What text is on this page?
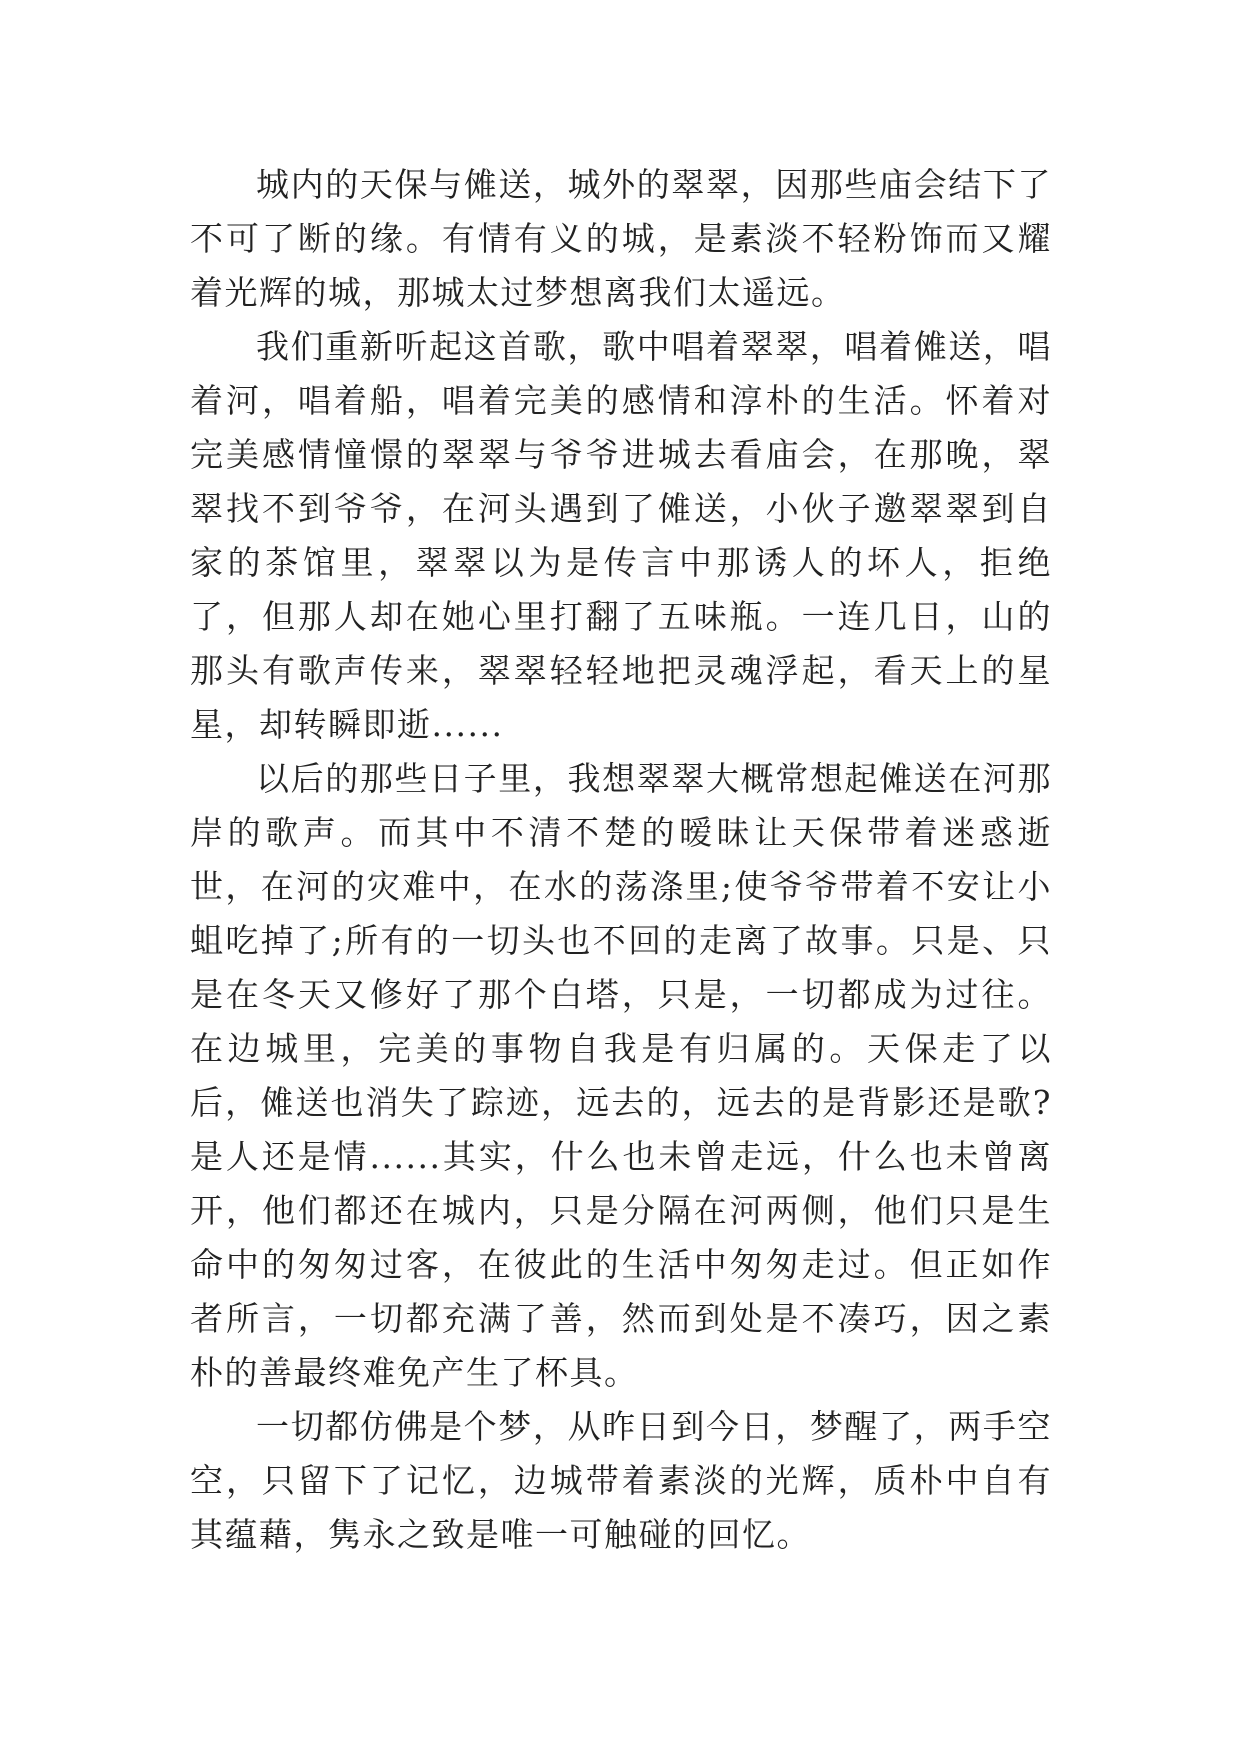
城内的天保与傩送，城外的翠翠，因那些庙会结下了不可了断的缘。有情有义的城，是素淡不轻粉饰而又耀着光辉的城，那城太过梦想离我们太遥远。

我们重新听起这首歌，歌中唱着翠翠，唱着傩送，唱着河，唱着船，唱着完美的感情和淳朴的生活。怀着对完美感情憧憬的翠翠与爷爷进城去看庙会，在那晚，翠翠找不到爷爷，在河头遇到了傩送，小伙子邀翠翠到自家的茶馆里，翠翠以为是传言中那诱人的坏人，拒绝了，但那人却在她心里打翻了五味瓶。一连几日，山的那头有歌声传来，翠翠轻轻地把灵魂浮起，看天上的星星，却转瞬即逝......

以后的那些日子里，我想翠翠大概常想起傩送在河那岸的歌声。而其中不清不楚的暧昧让天保带着迷惑逝世，在河的灾难中，在水的荡涤里;使爷爷带着不安让小蛆吃掉了;所有的一切头也不回的走离了故事。只是、只是在冬天又修好了那个白塔，只是，一切都成为过往。在边城里，完美的事物自我是有归属的。天保走了以后，傩送也消失了踪迹，远去的，远去的是背影还是歌?是人还是情......其实，什么也未曾走远，什么也未曾离开，他们都还在城内，只是分隔在河两侧，他们只是生命中的匆匆过客，在彼此的生活中匆匆走过。但正如作者所言，一切都充满了善，然而到处是不凑巧，因之素朴的善最终难免产生了杯具。

一切都仿佛是个梦，从昨日到今日，梦醒了，两手空空，只留下了记忆，边城带着素淡的光辉，质朴中自有其蕴藉，隽永之致是唯一可触碰的回忆。
